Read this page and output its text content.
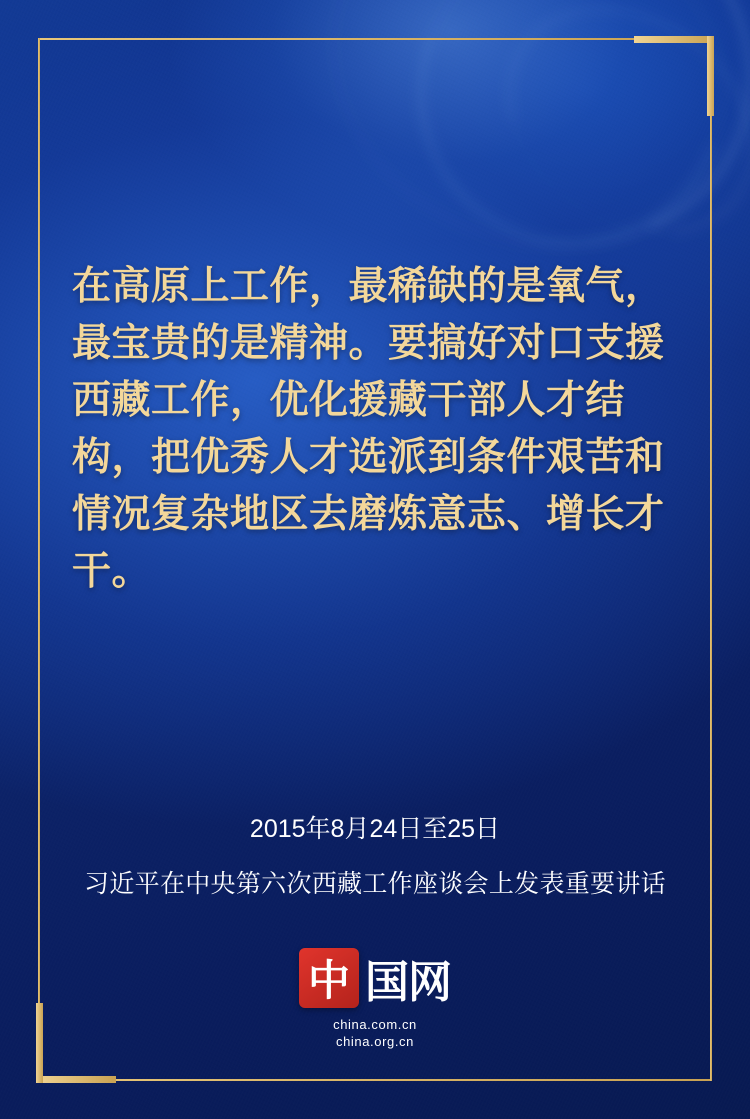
在高原上工作，最稀缺的是氧气，最宝贵的是精神。要搞好对口支援西藏工作，优化援藏干部人才结构，把优秀人才选派到条件艰苦和情况复杂地区去磨炼意志、增长才干。
2015年8月24日至25日
习近平在中央第六次西藏工作座谈会上发表重要讲话
中
国网
china.com.cn
china.org.cn
